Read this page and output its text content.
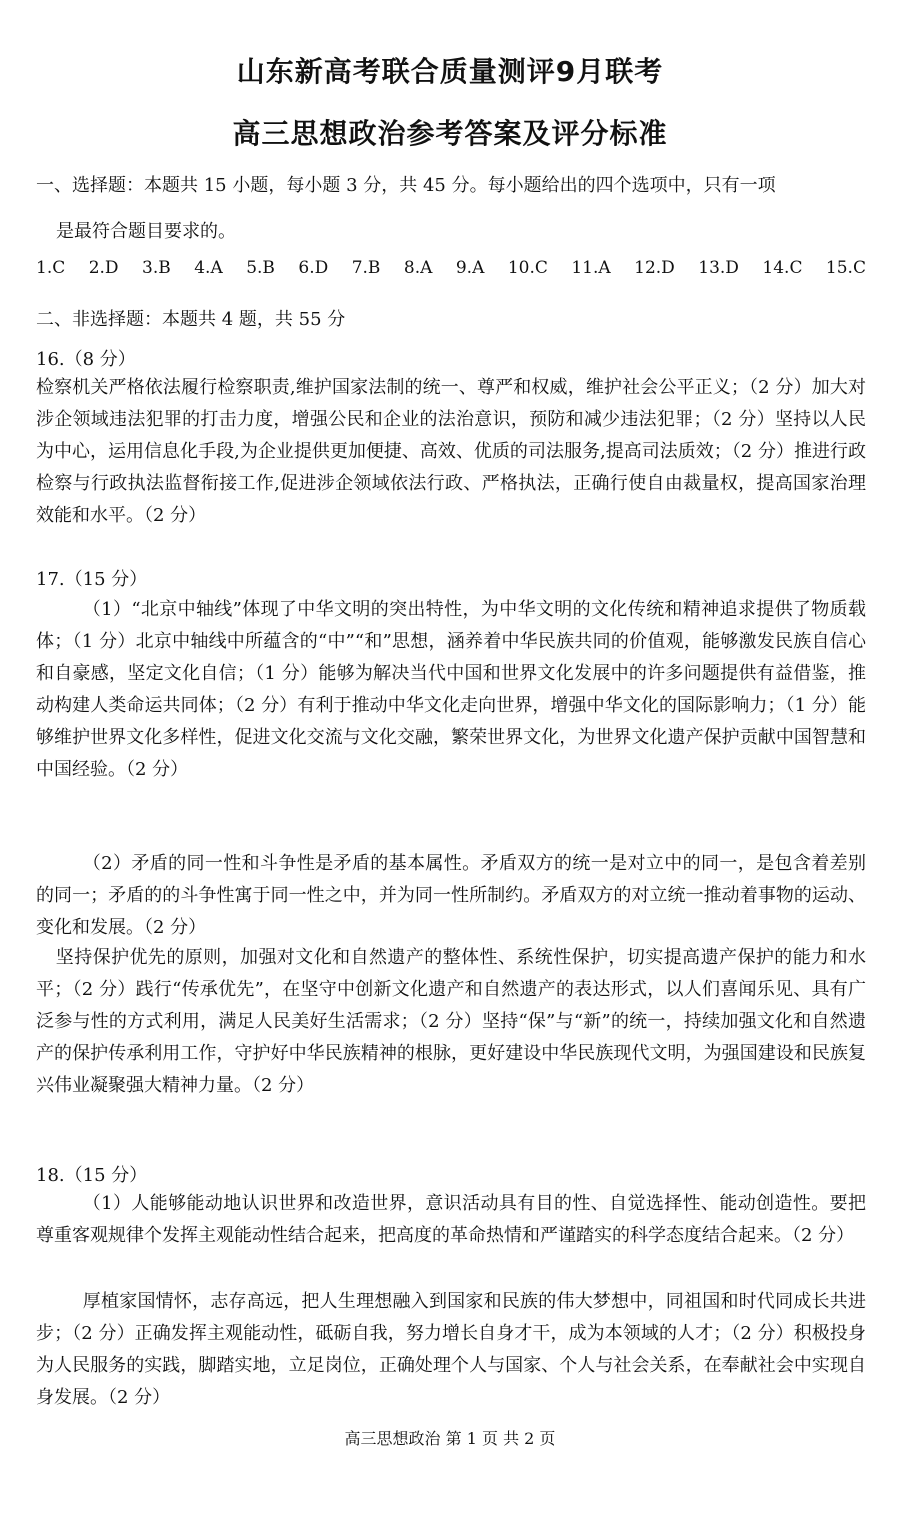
山东新高考联合质量测评9月联考
高三思想政治参考答案及评分标准
一、选择题：本题共 15 小题，每小题 3 分，共 45 分。每小题给出的四个选项中，只有一项
是最符合题目要求的。
1.C 2.D 3.B 4.A 5.B 6.D 7.B 8.A 9.A 10.C 11.A 12.D 13.D 14.C 15.C
二、非选择题：本题共 4 题，共 55 分
16.（8 分）
检察机关严格依法履行检察职责,维护国家法制的统一、尊严和权威，维护社会公平正义；（2 分）加大对涉企领域违法犯罪的打击力度，增强公民和企业的法治意识，预防和减少违法犯罪；（2 分）坚持以人民为中心，运用信息化手段,为企业提供更加便捷、高效、优质的司法服务,提高司法质效；（2 分）推进行政检察与行政执法监督衔接工作,促进涉企领域依法行政、严格执法，正确行使自由裁量权，提高国家治理效能和水平。（2 分）
17.（15 分）
（1）“北京中轴线”体现了中华文明的突出特性，为中华文明的文化传统和精神追求提供了物质载体；（1 分）北京中轴线中所蕴含的“中”“和”思想，涵养着中华民族共同的价值观，能够激发民族自信心和自豪感，坚定文化自信；（1 分）能够为解决当代中国和世界文化发展中的许多问题提供有益借鉴，推动构建人类命运共同体；（2 分）有利于推动中华文化走向世界，增强中华文化的国际影响力；（1 分）能够维护世界文化多样性，促进文化交流与文化交融，繁荣世界文化，为世界文化遗产保护贡献中国智慧和中国经验。（2 分）
（2）矛盾的同一性和斗争性是矛盾的基本属性。矛盾双方的统一是对立中的同一，是包含着差别的同一；矛盾的的斗争性寓于同一性之中，并为同一性所制约。矛盾双方的对立统一推动着事物的运动、变化和发展。（2 分）
坚持保护优先的原则，加强对文化和自然遗产的整体性、系统性保护，切实提高遗产保护的能力和水平；（2 分）践行“传承优先”，在坚守中创新文化遗产和自然遗产的表达形式，以人们喜闻乐见、具有广泛参与性的方式利用，满足人民美好生活需求；（2 分）坚持“保”与“新”的统一，持续加强文化和自然遗产的保护传承利用工作，守护好中华民族精神的根脉，更好建设中华民族现代文明，为强国建设和民族复兴伟业凝聚强大精神力量。（2 分）
18.（15 分）
（1）人能够能动地认识世界和改造世界，意识活动具有目的性、自觉选择性、能动创造性。要把尊重客观规律个发挥主观能动性结合起来，把高度的革命热情和严谨踏实的科学态度结合起来。（2 分）
厚植家国情怀，志存高远，把人生理想融入到国家和民族的伟大梦想中，同祖国和时代同成长共进步；（2 分）正确发挥主观能动性，砥砺自我，努力增长自身才干，成为本领域的人才；（2 分）积极投身为人民服务的实践，脚踏实地，立足岗位，正确处理个人与国家、个人与社会关系，在奉献社会中实现自身发展。（2 分）
高三思想政治 第 1 页 共 2 页
